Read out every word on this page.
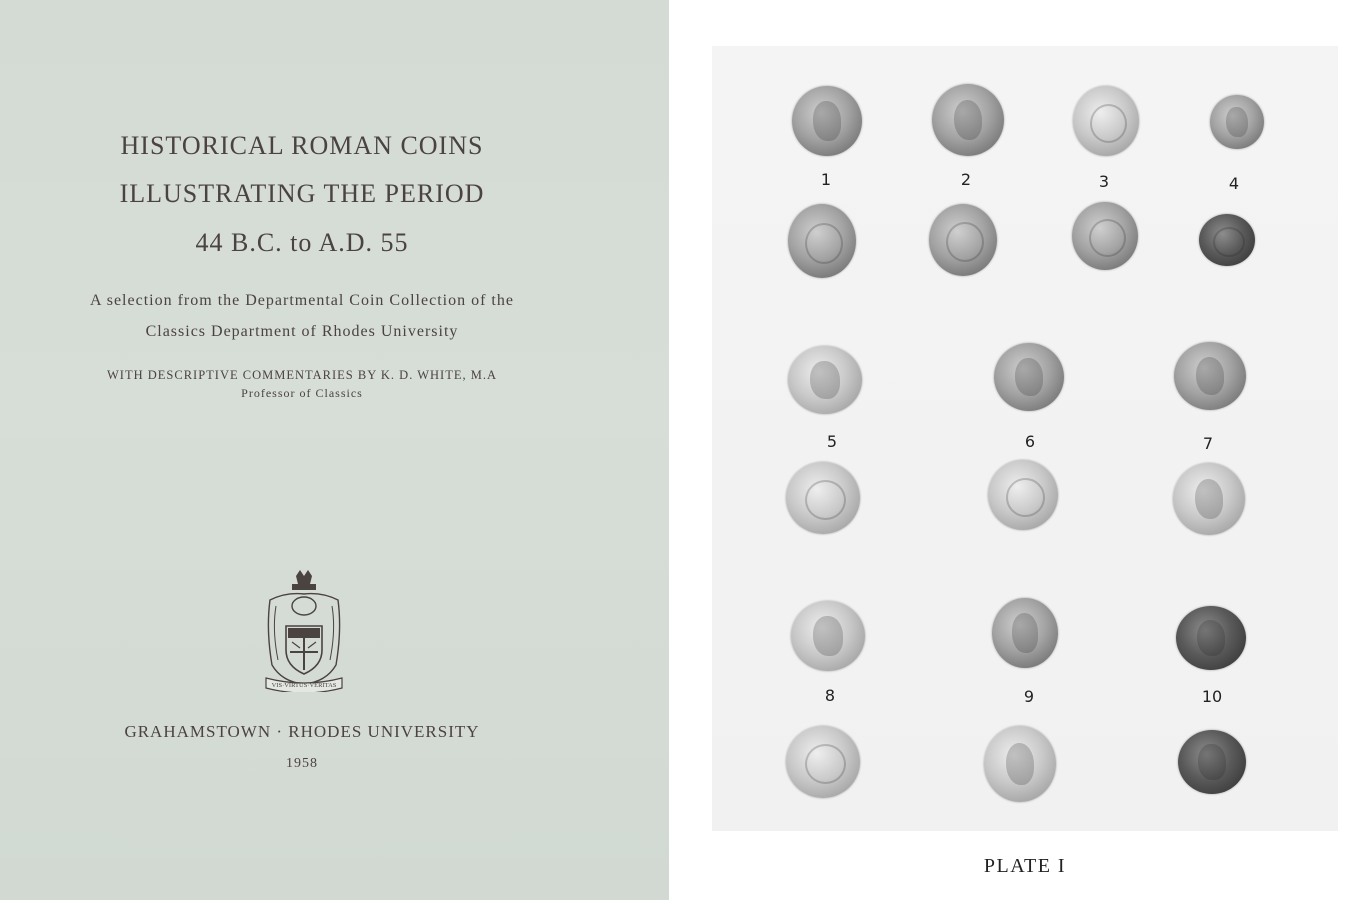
HISTORICAL ROMAN COINS
ILLUSTRATING THE PERIOD
44 B.C. to A.D. 55
A selection from the Departmental Coin Collection of the
Classics Department of Rhodes University
WITH DESCRIPTIVE COMMENTARIES BY K. D. WHITE, M.A
Professor of Classics
VIS·VIRTUS·VERITAS
GRAHAMSTOWN · RHODES UNIVERSITY
1958
1	2	3	4
5	6	7
8	9	10
PLATE I
